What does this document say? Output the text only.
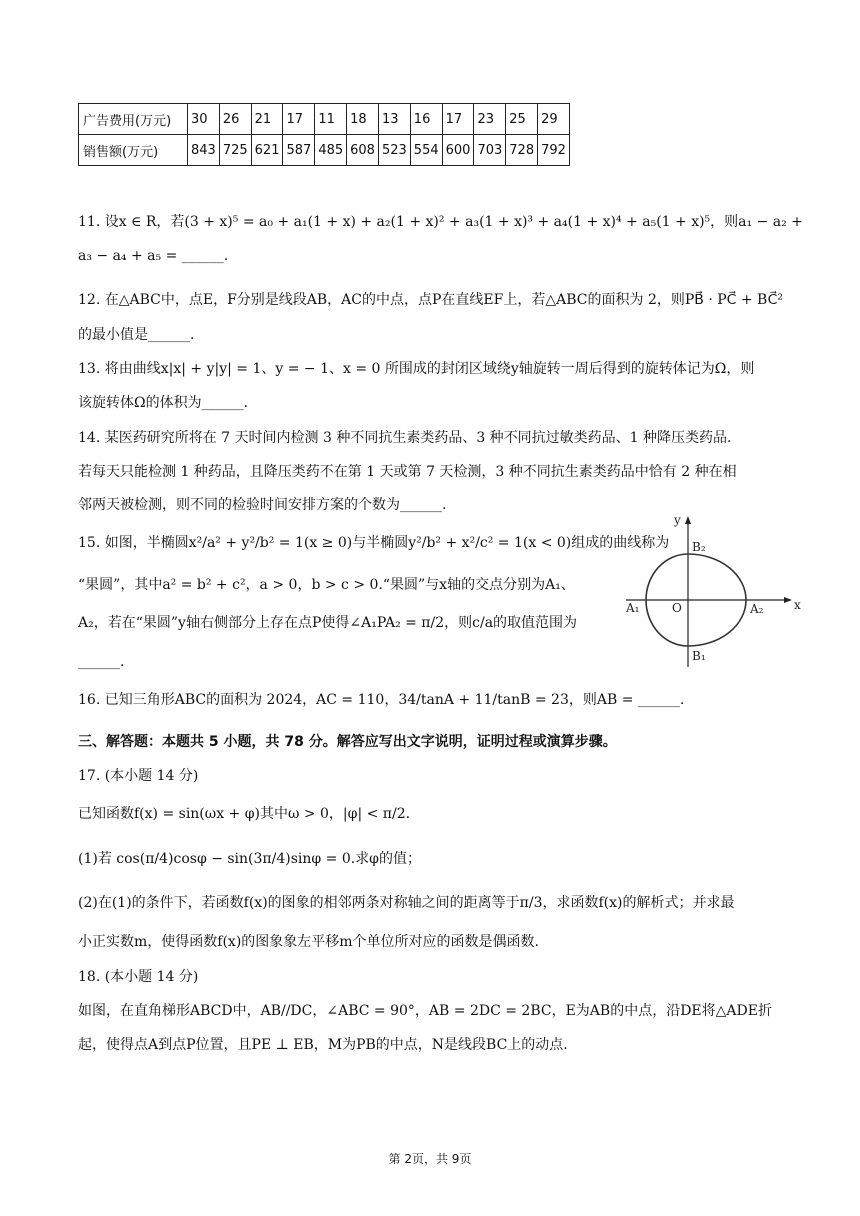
广告费用(万元)	30	26	21	17	11	18	13	16	17	23	25	29
销售额(万元)	843	725	621	587	485	608	523	554	600	703	728	792
11. 设x ∈ R，若(3 + x)⁵ = a₀ + a₁(1 + x) + a₂(1 + x)² + a₃(1 + x)³ + a₄(1 + x)⁴ + a₅(1 + x)⁵，则a₁ − a₂ +
a₃ − a₄ + a₅ = ______.
12. 在△ABC中，点E，F分别是线段AB，AC的中点，点P在直线EF上，若△ABC的面积为 2，则PB⃗ · PC⃗ + BC⃗²
的最小值是______.
13. 将由曲线x|x| + y|y| = 1、y = − 1、x = 0 所围成的封闭区域绕y轴旋转一周后得到的旋转体记为Ω，则
该旋转体Ω的体积为______.
14. 某医药研究所将在 7 天时间内检测 3 种不同抗生素类药品、3 种不同抗过敏类药品、1 种降压类药品.
若每天只能检测 1 种药品，且降压类药不在第 1 天或第 7 天检测，3 种不同抗生素类药品中恰有 2 种在相
邻两天被检测，则不同的检验时间安排方案的个数为______.
15. 如图，半椭圆x²/a² + y²/b² = 1(x ≥ 0)与半椭圆y²/b² + x²/c² = 1(x < 0)组成的曲线称为
“果圆”，其中a² = b² + c²，a > 0，b > c > 0.“果圆”与x轴的交点分别为A₁、
A₂，若在“果圆”y轴右侧部分上存在点P使得∠A₁PA₂ = π/2，则c/a的取值范围为
______.
16. 已知三角形ABC的面积为 2024，AC = 110，34/tanA + 11/tanB = 23，则AB = ______.
三、解答题：本题共 5 小题，共 78 分。解答应写出文字说明，证明过程或演算步骤。
17. (本小题 14 分)
已知函数f(x) = sin(ωx + φ)其中ω > 0，|φ| < π/2.
(1)若 cos(π/4)cosφ − sin(3π/4)sinφ = 0.求φ的值；
(2)在(1)的条件下，若函数f(x)的图象的相邻两条对称轴之间的距离等于π/3，求函数f(x)的解析式；并求最
小正实数m，使得函数f(x)的图象象左平移m个单位所对应的函数是偶函数.
18. (本小题 14 分)
如图，在直角梯形ABCD中，AB//DC，∠ABC = 90°，AB = 2DC = 2BC，E为AB的中点，沿DE将△ADE折
起，使得点A到点P位置，且PE ⊥ EB，M为PB的中点，N是线段BC上的动点.
y
x
O
B₂
B₁
A₁	A₂
第 2页，共 9页
